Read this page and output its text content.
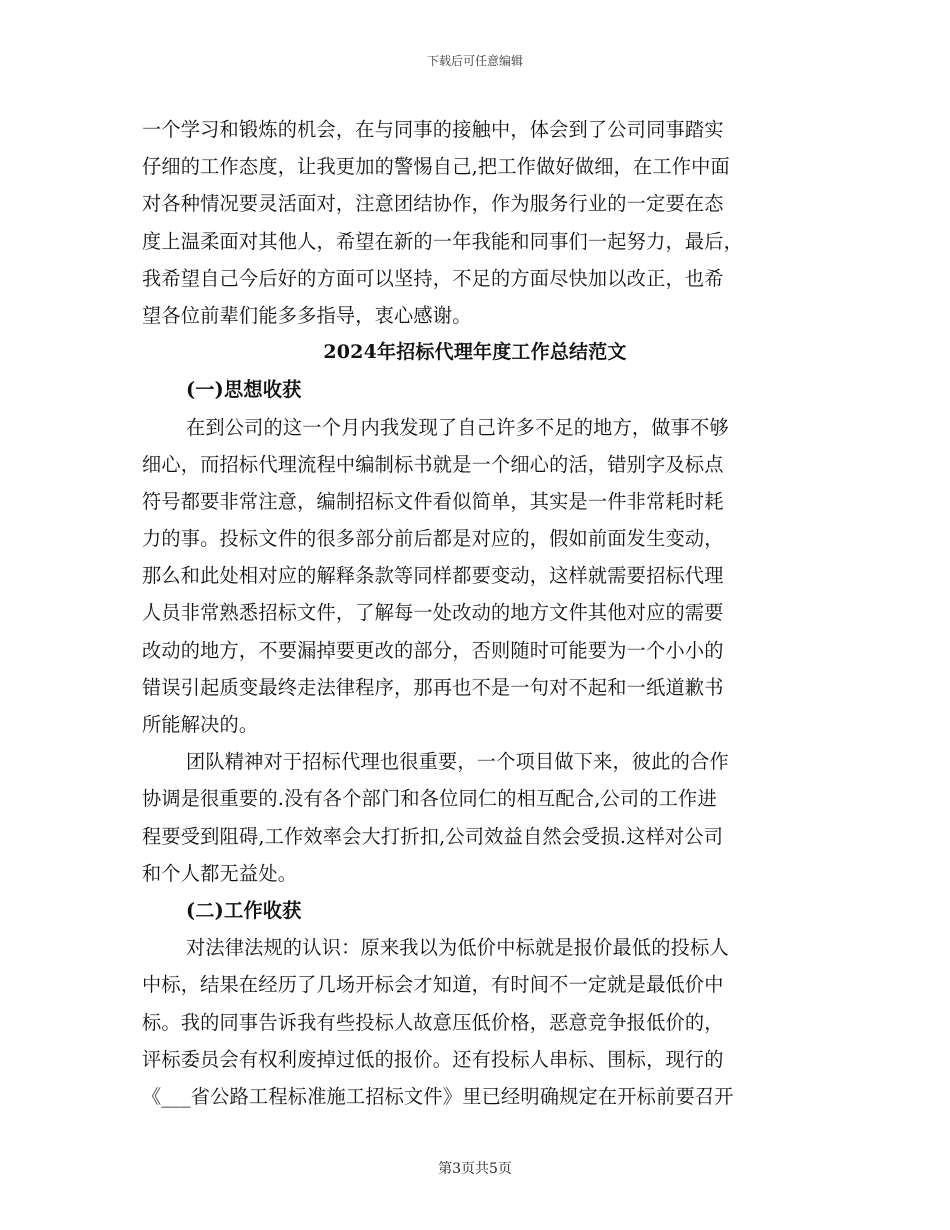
下载后可任意编辑
一个学习和锻炼的机会，在与同事的接触中，体会到了公司同事踏实
仔细的工作态度，让我更加的警惕自己,把工作做好做细，在工作中面
对各种情况要灵活面对，注意团结协作，作为服务行业的一定要在态
度上温柔面对其他人，希望在新的一年我能和同事们一起努力，最后，
我希望自己今后好的方面可以坚持，不足的方面尽快加以改正，也希
望各位前辈们能多多指导，衷心感谢。
2024年招标代理年度工作总结范文
(一)思想收获
在到公司的这一个月内我发现了自己许多不足的地方，做事不够
细心，而招标代理流程中编制标书就是一个细心的活，错别字及标点
符号都要非常注意，编制招标文件看似简单，其实是一件非常耗时耗
力的事。投标文件的很多部分前后都是对应的，假如前面发生变动，
那么和此处相对应的解释条款等同样都要变动，这样就需要招标代理
人员非常熟悉招标文件，了解每一处改动的地方文件其他对应的需要
改动的地方，不要漏掉要更改的部分，否则随时可能要为一个小小的
错误引起质变最终走法律程序，那再也不是一句对不起和一纸道歉书
所能解决的。
团队精神对于招标代理也很重要，一个项目做下来，彼此的合作
协调是很重要的.没有各个部门和各位同仁的相互配合,公司的工作进
程要受到阻碍,工作效率会大打折扣,公司效益自然会受损.这样对公司
和个人都无益处。
(二)工作收获
对法律法规的认识：原来我以为低价中标就是报价最低的投标人
中标，结果在经历了几场开标会才知道，有时间不一定就是最低价中
标。我的同事告诉我有些投标人故意压低价格，恶意竞争报低价的，
评标委员会有权利废掉过低的报价。还有投标人串标、围标，现行的
《___省公路工程标准施工招标文件》里已经明确规定在开标前要召开
第3页共5页
